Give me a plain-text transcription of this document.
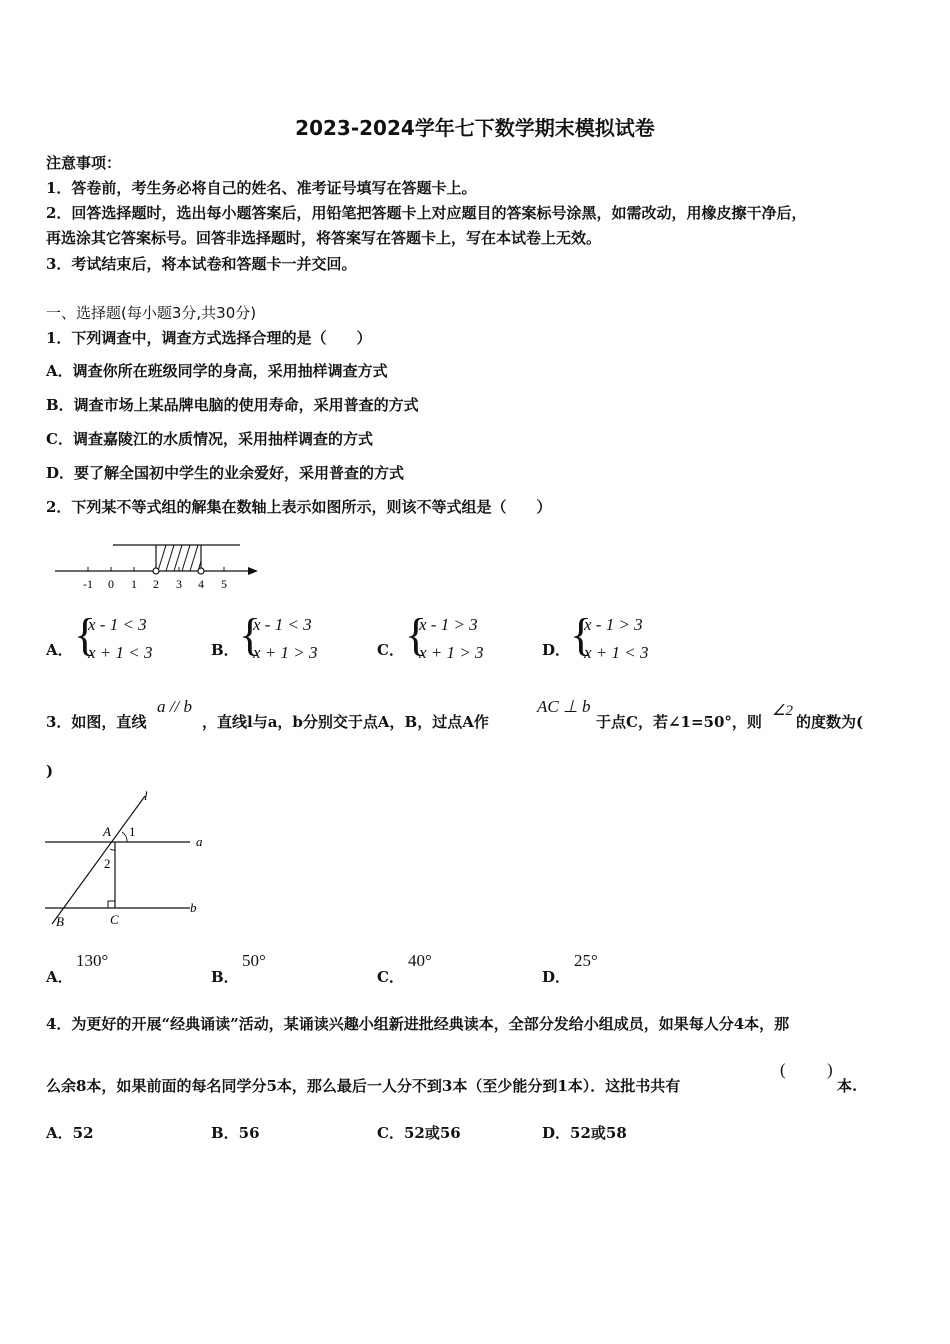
2023-2024学年七下数学期末模拟试卷
注意事项：
1．答卷前，考生务必将自己的姓名、准考证号填写在答题卡上。
2．回答选择题时，选出每小题答案后，用铅笔把答题卡上对应题目的答案标号涂黑，如需改动，用橡皮擦干净后，
再选涂其它答案标号。回答非选择题时，将答案写在答题卡上，写在本试卷上无效。
3．考试结束后，将本试卷和答题卡一并交回。
一、选择题(每小题3分,共30分)
1．下列调查中，调查方式选择合理的是（　　）
A．调查你所在班级同学的身高，采用抽样调查方式
B．调查市场上某品牌电脑的使用寿命，采用普查的方式
C．调查嘉陵江的水质情况，采用抽样调查的方式
D．要了解全国初中学生的业余爱好，采用普查的方式
2．下列某不等式组的解集在数轴上表示如图所示，则该不等式组是（　　）
-1 0 1 2 3 4 5
A． {
x - 1 < 3
x + 1 < 3	B． {
x - 1 < 3
x + 1 > 3	C． {
x - 1 > 3
x + 1 > 3	D． {
x - 1 > 3
x + 1 < 3
3．如图，直线
a // b
，直线l与a，b分别交于点A，B，过点A作
AC ⊥ b
于点C，若∠1=50°，则
∠2
的度数为(
)
l
A
a
b
B	C
1
2
A．
130°
B．
50°
C．
40°
D．
25°
4．为更好的开展“经典诵读”活动，某诵读兴趣小组新进批经典读本，全部分发给小组成员，如果每人分4本，那
么余8本，如果前面的每名同学分5本，那么最后一人分不到3本（至少能分到1本）．这批书共有
( )
本.
A．52	B．56	C．52或56	D．52或58
